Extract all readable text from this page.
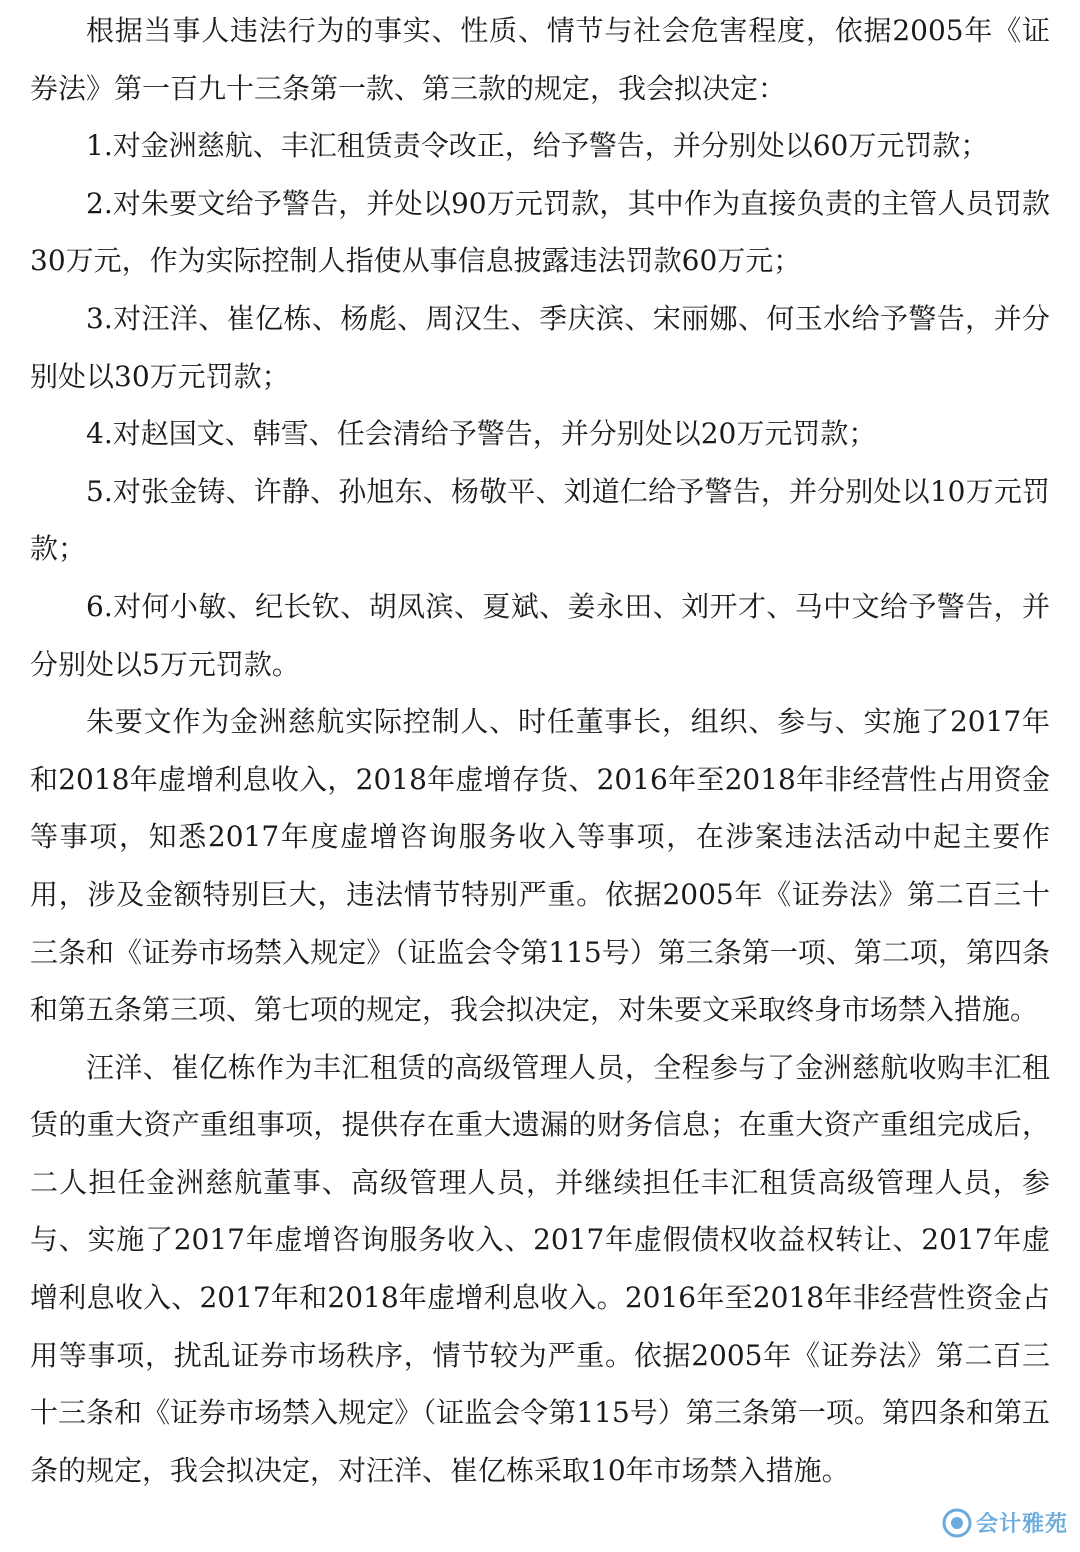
根据当事人违法行为的事实、性质、情节与社会危害程度，依据2005年《证券法》第一百九十三条第一款、第三款的规定，我会拟决定：

1.对金洲慈航、丰汇租赁责令改正，给予警告，并分别处以60万元罚款；

2.对朱要文给予警告，并处以90万元罚款，其中作为直接负责的主管人员罚款30万元，作为实际控制人指使从事信息披露违法罚款60万元；

3.对汪洋、崔亿栋、杨彪、周汉生、季庆滨、宋丽娜、何玉水给予警告，并分别处以30万元罚款；

4.对赵国文、韩雪、任会清给予警告，并分别处以20万元罚款；

5.对张金铸、许静、孙旭东、杨敬平、刘道仁给予警告，并分别处以10万元罚款；

6.对何小敏、纪长钦、胡凤滨、夏斌、姜永田、刘开才、马中文给予警告，并分别处以5万元罚款。

朱要文作为金洲慈航实际控制人、时任董事长，组织、参与、实施了2017年和2018年虚增利息收入，2018年虚增存货、2016年至2018年非经营性占用资金等事项，知悉2017年度虚增咨询服务收入等事项，在涉案违法活动中起主要作用，涉及金额特别巨大，违法情节特别严重。依据2005年《证券法》第二百三十三条和《证券市场禁入规定》（证监会令第115号）第三条第一项、第二项，第四条和第五条第三项、第七项的规定，我会拟决定，对朱要文采取终身市场禁入措施。

汪洋、崔亿栋作为丰汇租赁的高级管理人员，全程参与了金洲慈航收购丰汇租赁的重大资产重组事项，提供存在重大遗漏的财务信息；在重大资产重组完成后，二人担任金洲慈航董事、高级管理人员，并继续担任丰汇租赁高级管理人员，参与、实施了2017年虚增咨询服务收入、2017年虚假债权收益权转让、2017年虚增利息收入、2017年和2018年虚增利息收入。2016年至2018年非经营性资金占用等事项，扰乱证券市场秩序，情节较为严重。依据2005年《证券法》第二百三十三条和《证券市场禁入规定》（证监会令第115号）第三条第一项。第四条和第五条的规定，我会拟决定，对汪洋、崔亿栋采取10年市场禁入措施。

会计雅苑
